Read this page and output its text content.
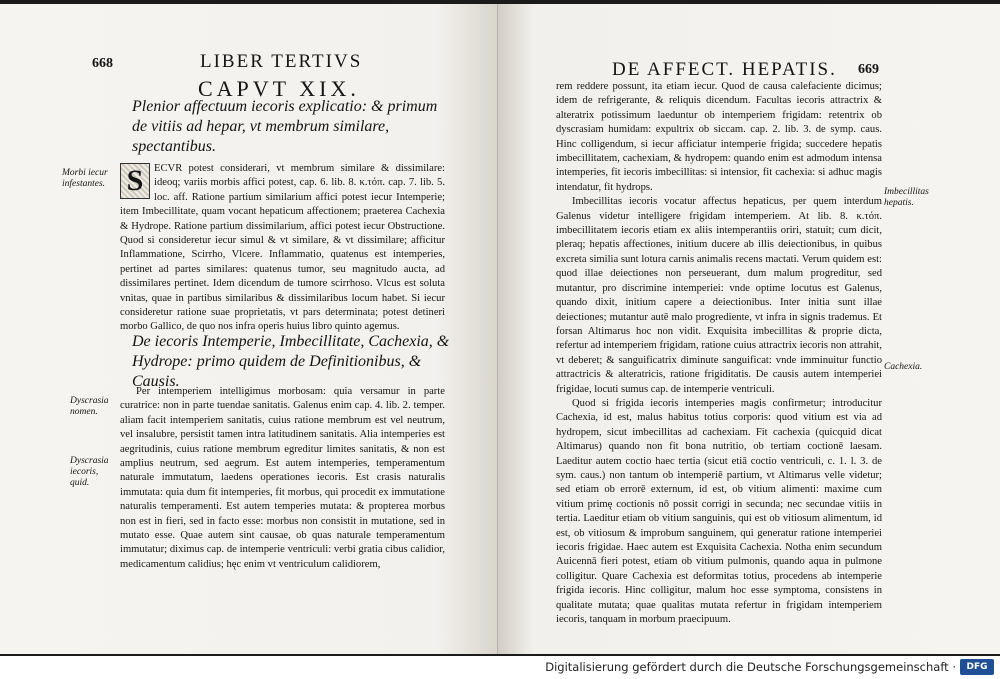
668	LIBER TERTIVS
CAPVT XIX.
Plenior affectuum iecoris explicatio: & primum de vitiis ad hepar, vt membrum similare, spectantibus.
Morbi iecur infestantes. S	ECVR potest considerari, vt membrum similare & dissimilare: ideoq; variis morbis affici potest, cap. 6. lib. 8. κ.τόπ. cap. 7. lib. 5. loc. aff. Ratione partium similarium affici potest iecur Intemperie; item Imbecillitate, quam vocant hepaticum affectionem; praeterea Cachexia & Hydrope. Ratione partium dissimilarium, affici potest iecur Obstructione. Quod si consideretur iecur simul & vt similare, & vt dissimilare; afficitur Inflammatione, Scirrho, Vlcere. Inflammatio, quatenus est intemperies, pertinet ad partes similares: quatenus tumor, seu magnitudo aucta, ad dissimilares pertinet. Idem dicendum de tumore scirrhoso. Vlcus est soluta vnitas, quae in partibus similaribus & dissimilaribus locum habet. Si iecur consideretur ratione suae proprietatis, vt pars determinata; potest detineri morbo Gallico, de quo nos infra operis huius libro quinto agemus.

De iecoris Intemperie, Imbecillitate, Cachexia, & Hydrope: primo quidem de Definitionibus, & Causis.
Dyscrasia nomen.
Dyscrasia iecoris, quid.

Per intemperiem intelligimus morbosam: quia versamur in parte curatrice: non in parte tuendae sanitatis. Galenus enim cap. 4. lib. 2. temper. aliam facit intemperiem sanitatis, cuius ratione membrum est vel neutrum, vel insalubre, persistit tamen intra latitudinem sanitatis. Alia intemperies est aegritudinis, cuius ratione membrum egreditur limites sanitatis, & non est amplius neutrum, sed aegrum. Est autem intemperies, temperamentum naturale immutatum, laedens operationes iecoris. Est crasis naturalis immutata: quia dum fit intemperies, fit morbus, qui procedit ex immutatione naturalis temperamenti. Est autem temperies mutata: & propterea morbus non est in fieri, sed in facto esse: morbus non consistit in mutatione, sed in mutato esse. Quae autem sint causae, ob quas naturale temperamentum immutatur; diximus cap. de intemperie ventriculi: verbi gratia cibus calidior, medicamentum calidius; hęc enim vt ventriculum calidiorem,

DE AFFECT. HEPATIS. 669
Imbecillitas hepatis.
Cachexia.

rem reddere possunt, ita etiam iecur. Quod de causa calefaciente dicimus; idem de refrigerante, & reliquis dicendum. Facultas iecoris attractrix & alteratrix potissimum laeduntur ob intemperiem frigidam: retentrix ob dyscrasiam humidam: expultrix ob siccam. cap. 2. lib. 3. de symp. caus. Hinc colligendum, si iecur afficiatur intemperie frigida; succedere hepatis imbecillitatem, cachexiam, & hydropem: quando enim est admodum intensa intemperies, fit iecoris imbecillitas: si intensior, fit cachexia: si adhuc magis intendatur, fit hydrops.

Imbecillitas iecoris vocatur affectus hepaticus, per quem interdum Galenus videtur intelligere frigidam intemperiem. At lib. 8. κ.τόπ. imbecillitatem iecoris etiam ex aliis intemperantiis oriri, statuit; cum dicit, pleraq; hepatis affectiones, initium ducere ab illis deiectionibus, in quibus excreta similia sunt lotura carnis animalis recens mactati. Verum quidem est: quod illae deiectiones non perseuerant, dum malum progreditur, sed mutantur, pro discrimine intemperiei: vnde optime locutus est Galenus, quando dixit, initium capere a deiectionibus. Inter initia sunt illae deiectiones; mutantur autē malo progrediente, vt infra in signis trademus. Et forsan Altimarus hoc non vidit. Exquisita imbecillitas & proprie dicta, refertur ad intemperiem frigidam, ratione cuius attractrix iecoris non attrahit, vt deberet; & sanguificatrix diminute sanguificat: vnde imminuitur functio attractricis & alteratricis, ratione frigiditatis. De causis autem intemperiei frigidae, locuti sumus cap. de intemperie ventriculi.

Quod si frigida iecoris intemperies magis confirmetur; introducitur Cachexia, id est, malus habitus totius corporis: quod vitium est via ad hydropem, sicut imbecillitas ad cachexiam. Fit cachexia (quicquid dicat Altimarus) quando non fit bona nutritio, ob tertiam coctionē laesam. Laeditur autem coctio haec tertia (sicut etiā coctio ventriculi, c. 1. l. 3. de sym. caus.) non tantum ob intemperiē partium, vt Altimarus velle videtur; sed etiam ob errorē externum, id est, ob vitium alimenti: maxime cum vitium primę coctionis nō possit corrigi in secunda; nec secundae vitiis in tertia. Laeditur etiam ob vitium sanguinis, qui est ob vitiosum alimentum, id est, ob vitiosum & improbum sanguinem, qui generatur ratione intemperiei iecoris frigidae. Haec autem est Exquisita Cachexia. Notha enim secundum Auicennā fieri potest, etiam ob vitium pulmonis, quando aqua in pulmone colligitur. Quare Cachexia est deformitas totius, procedens ab intemperie frigida iecoris. Hinc colligitur, malum hoc esse symptoma, consistens in qualitate mutata; quae qualitas mutata refertur in frigidam intemperiem iecoris, tanquam in morbum praecipuum.

Digitalisierung gefördert durch die Deutsche Forschungsgemeinschaft ·	DFG
